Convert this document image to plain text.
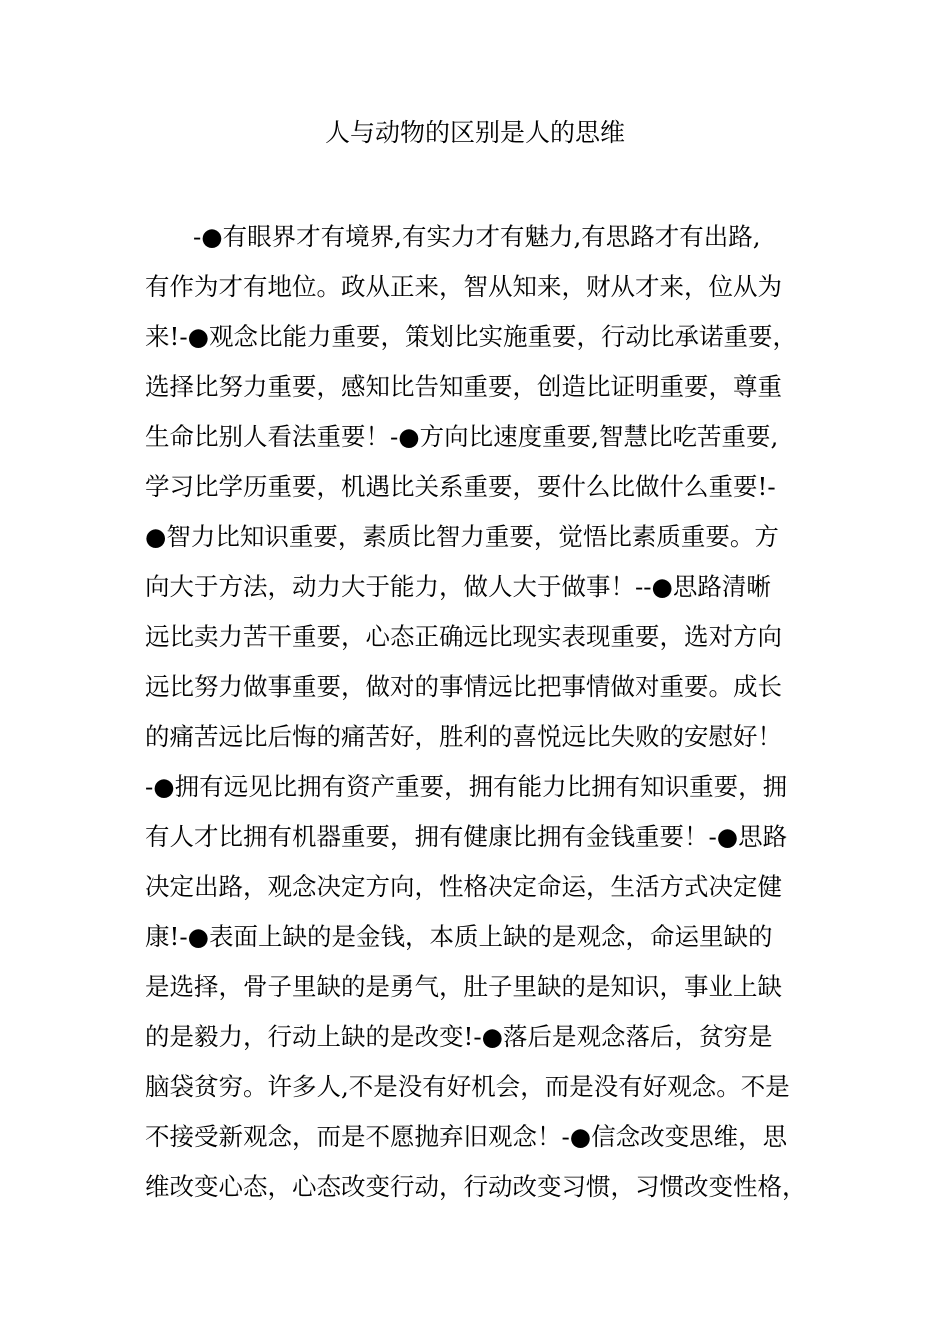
人与动物的区别是人的思维
-●有眼界才有境界,有实力才有魅力,有思路才有出路,
有作为才有地位。政从正来，智从知来，财从才来，位从为
来!-●观念比能力重要，策划比实施重要，行动比承诺重要，
选择比努力重要，感知比告知重要，创造比证明重要，尊重
生命比别人看法重要！-●方向比速度重要,智慧比吃苦重要,
学习比学历重要，机遇比关系重要，要什么比做什么重要!-
●智力比知识重要，素质比智力重要，觉悟比素质重要。方
向大于方法，动力大于能力，做人大于做事！--●思路清晰
远比卖力苦干重要，心态正确远比现实表现重要，选对方向
远比努力做事重要，做对的事情远比把事情做对重要。成长
的痛苦远比后悔的痛苦好，胜利的喜悦远比失败的安慰好！
-●拥有远见比拥有资产重要，拥有能力比拥有知识重要，拥
有人才比拥有机器重要，拥有健康比拥有金钱重要！-●思路
决定出路，观念决定方向，性格决定命运，生活方式决定健
康!-●表面上缺的是金钱，本质上缺的是观念，命运里缺的
是选择，骨子里缺的是勇气，肚子里缺的是知识，事业上缺
的是毅力，行动上缺的是改变!-●落后是观念落后，贫穷是
脑袋贫穷。许多人,不是没有好机会，而是没有好观念。不是
不接受新观念，而是不愿抛弃旧观念！-●信念改变思维，思
维改变心态，心态改变行动，行动改变习惯，习惯改变性格，
